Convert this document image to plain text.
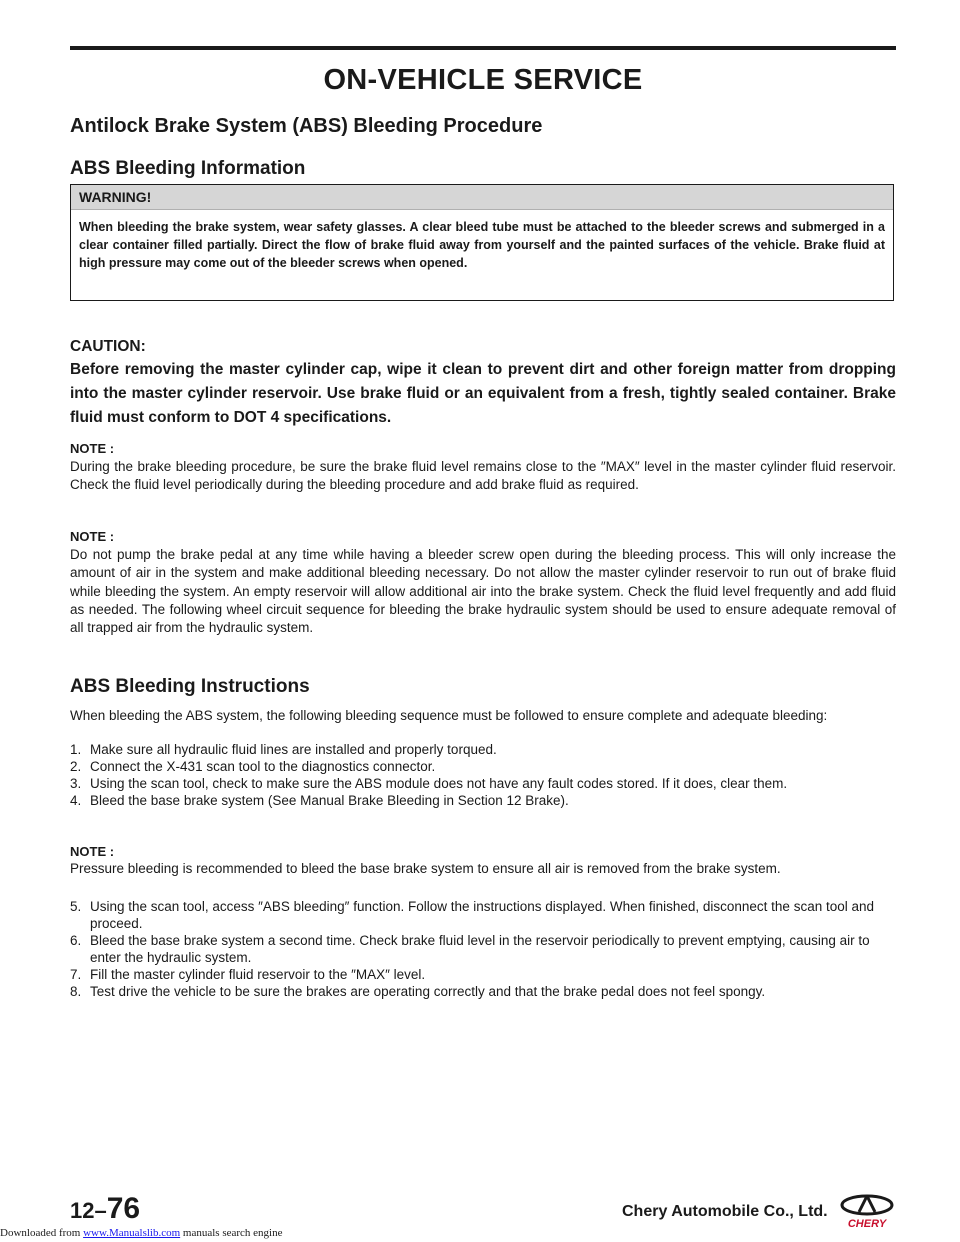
ON-VEHICLE SERVICE
Antilock Brake System (ABS) Bleeding Procedure
ABS Bleeding Information
WARNING!
When bleeding the brake system, wear safety glasses. A clear bleed tube must be attached to the bleeder screws and submerged in a clear container filled partially. Direct the flow of brake fluid away from yourself and the painted surfaces of the vehicle. Brake fluid at high pressure may come out of the bleeder screws when opened.
CAUTION:
Before removing the master cylinder cap, wipe it clean to prevent dirt and other foreign matter from dropping into the master cylinder reservoir. Use brake fluid or an equivalent from a fresh, tightly sealed container. Brake fluid must conform to DOT 4 specifications.
NOTE :
During the brake bleeding procedure, be sure the brake fluid level remains close to the ″MAX″ level in the master cylinder fluid reservoir. Check the fluid level periodically during the bleeding procedure and add brake fluid as required.
NOTE :
Do not pump the brake pedal at any time while having a bleeder screw open during the bleeding process. This will only increase the amount of air in the system and make additional bleeding necessary. Do not allow the master cylinder reservoir to run out of brake fluid while bleeding the system. An empty reservoir will allow additional air into the brake system. Check the fluid level frequently and add fluid as needed. The following wheel circuit sequence for bleeding the brake hydraulic system should be used to ensure adequate removal of all trapped air from the hydraulic system.
ABS Bleeding Instructions
When bleeding the ABS system, the following bleeding sequence must be followed to ensure complete and adequate bleeding:
1. Make sure all hydraulic fluid lines are installed and properly torqued.
2. Connect the X-431 scan tool to the diagnostics connector.
3. Using the scan tool, check to make sure the ABS module does not have any fault codes stored. If it does, clear them.
4. Bleed the base brake system (See Manual Brake Bleeding in Section 12 Brake).
NOTE :
Pressure bleeding is recommended to bleed the base brake system to ensure all air is removed from the brake system.
5. Using the scan tool, access ″ABS bleeding″ function. Follow the instructions displayed. When finished, disconnect the scan tool and proceed.
6. Bleed the base brake system a second time. Check brake fluid level in the reservoir periodically to prevent emptying, causing air to enter the hydraulic system.
7. Fill the master cylinder fluid reservoir to the ″MAX″ level.
8. Test drive the vehicle to be sure the brakes are operating correctly and that the brake pedal does not feel spongy.
12–76	Chery Automobile Co., Ltd.
CHERY
Downloaded from www.Manualslib.com manuals search engine
